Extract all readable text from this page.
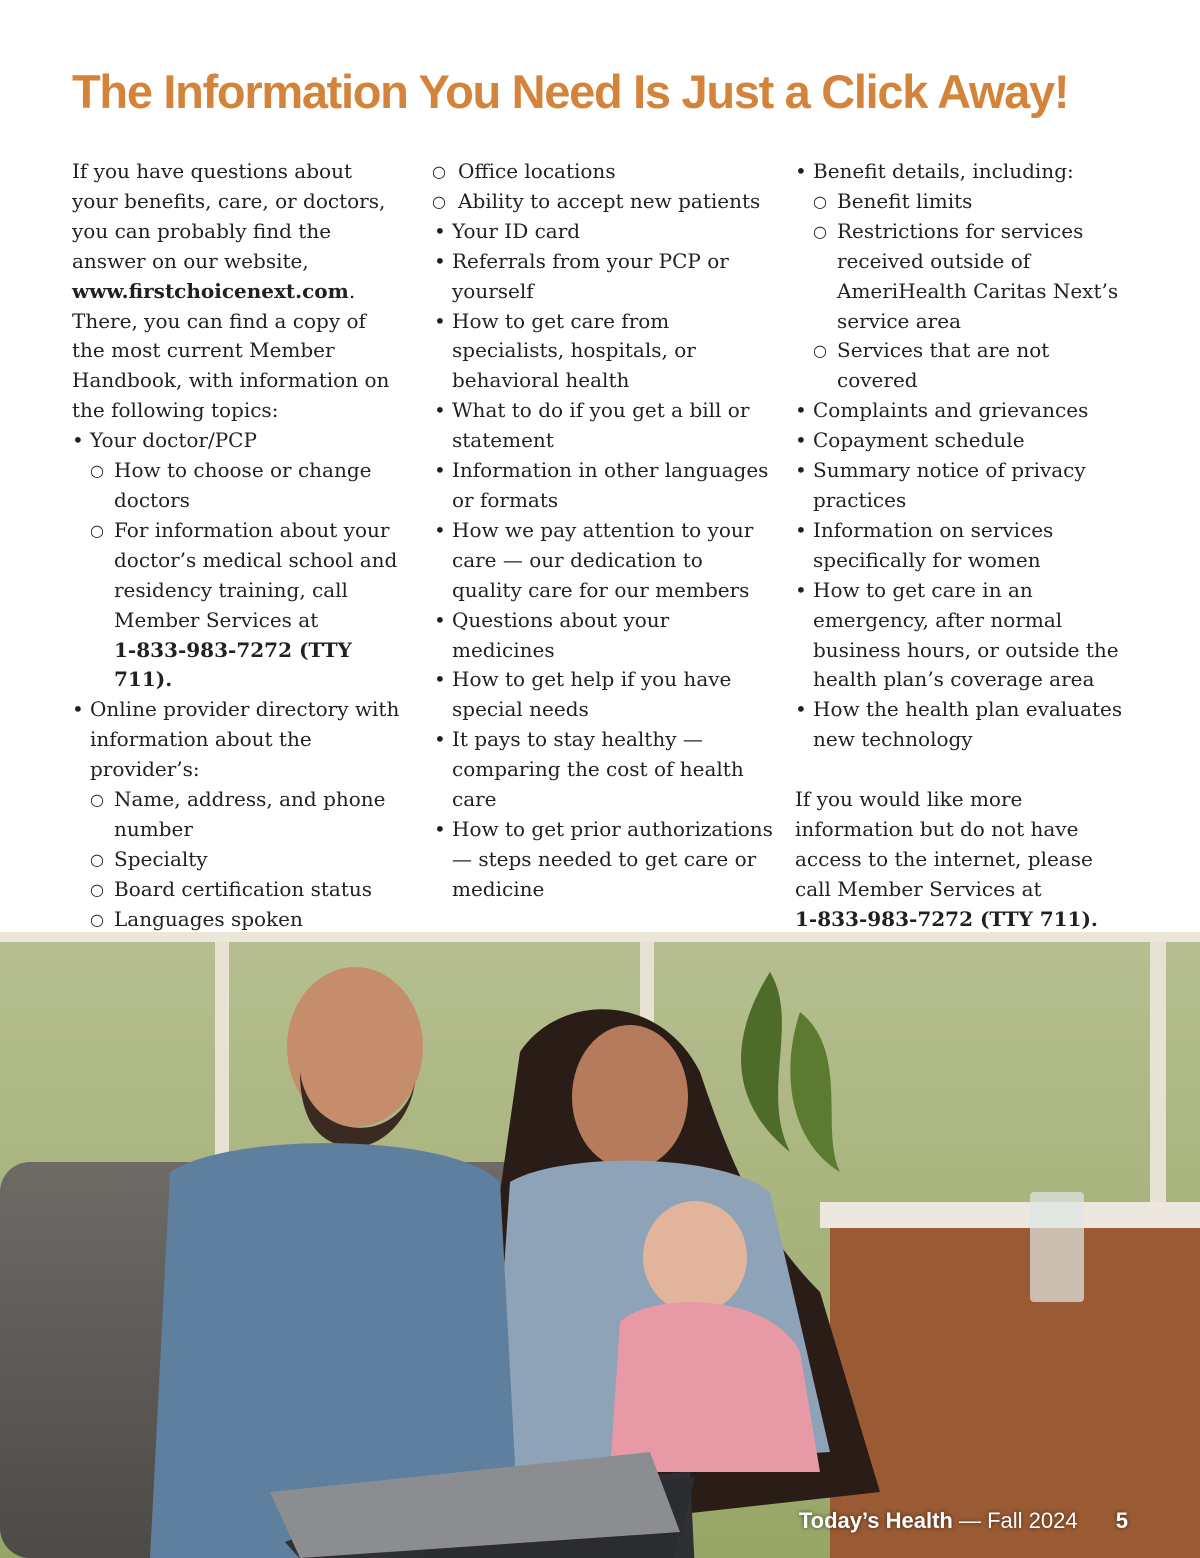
The Information You Need Is Just a Click Away!

If you have questions about your benefits, care, or doctors, you can probably find the answer on our website, www.firstchoicenext.com. There, you can find a copy of the most current Member Handbook, with information on the following topics:

• Your doctor/PCP
○ How to choose or change doctors
○ For information about your doctor’s medical school and residency training, call Member Services at
1-833-983-7272 (TTY 711).
• Online provider directory with information about the provider’s:
○ Name, address, and phone number
○ Specialty
○ Board certification status
○ Languages spoken
○ Office locations
○ Ability to accept new patients
• Your ID card
• Referrals from your PCP or yourself
• How to get care from specialists, hospitals, or behavioral health
• What to do if you get a bill or statement
• Information in other languages or formats
• How we pay attention to your care — our dedication to quality care for our members
• Questions about your medicines
• How to get help if you have special needs
• It pays to stay healthy — comparing the cost of health care
• How to get prior authorizations — steps needed to get care or medicine
• Benefit details, including:
○ Benefit limits
○ Restrictions for services received outside of AmeriHealth Caritas Next’s service area
○ Services that are not covered
• Complaints and grievances
• Copayment schedule
• Summary notice of privacy practices
• Information on services specifically for women
• How to get care in an emergency, after normal business hours, or outside the health plan’s coverage area
• How the health plan evaluates new technology

If you would like more information but do not have access to the internet, please call Member Services at
1-833-983-7272 (TTY 711).

Today’s Health — Fall 2024 5
